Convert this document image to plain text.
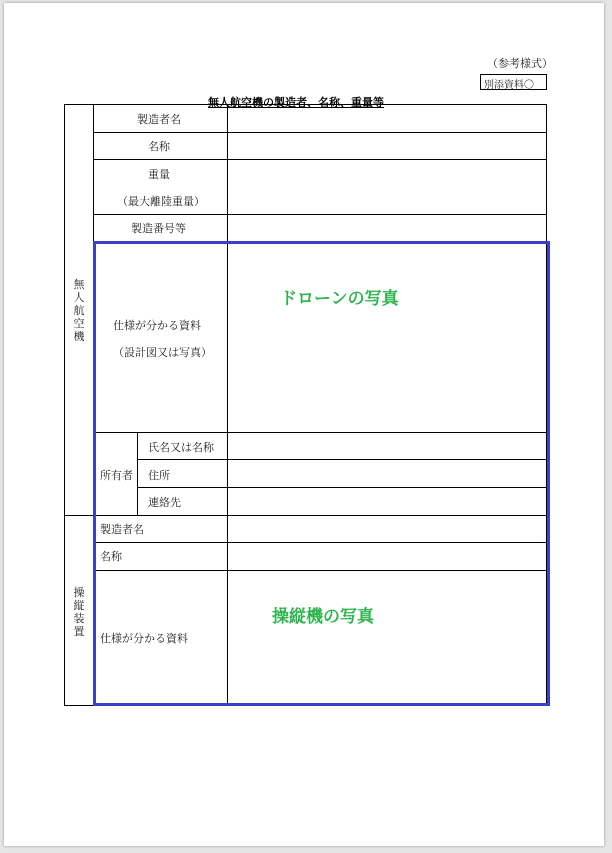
（参考様式）
別添資料〇
無人航空機の製造者、名称、重量等
無
人
航
空
機
操
縦
装
置
製造者名
名称
重量
（最大離陸重量）
製造番号等
仕様が分かる資料
（設計図又は写真）
ドローンの写真
所有者
氏名又は名称
住所
連絡先
製造者名
名称
仕様が分かる資料
操縦機の写真
